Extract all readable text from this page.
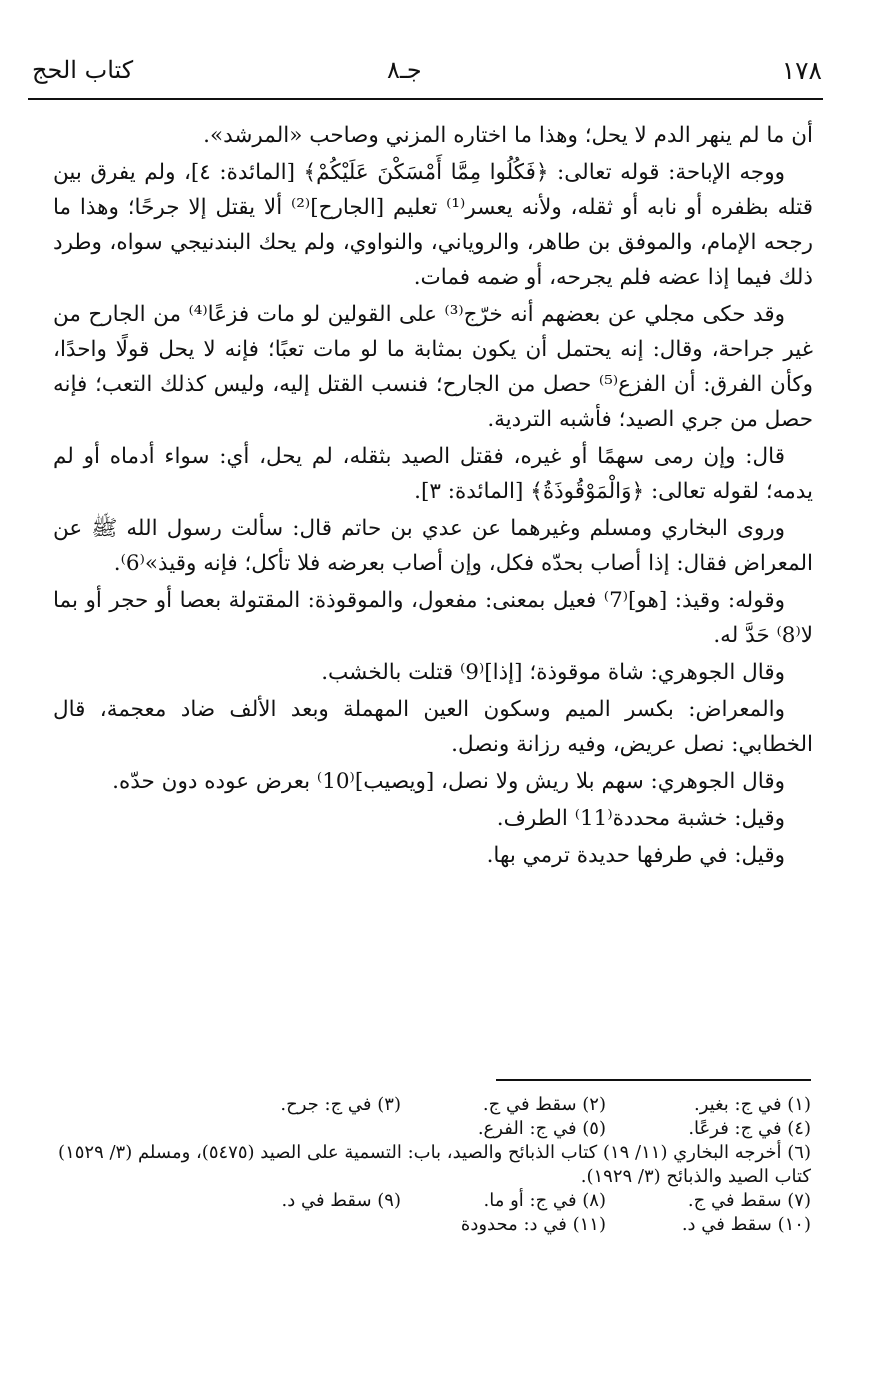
١٧٨
جـ٨
كتاب الحج

أن ما لم ينهر الدم لا يحل؛ وهذا ما اختاره المزني وصاحب «المرشد».

ووجه الإباحة: قوله تعالى: ﴿فَكُلُوا مِمَّا أَمْسَكْنَ عَلَيْكُمْ﴾ [المائدة: ٤]، ولم يفرق بين قتله بظفره أو نابه أو ثقله، ولأنه يعسر⁽¹⁾ تعليم [الجارح]⁽²⁾ ألا يقتل إلا جرحًا؛ وهذا ما رجحه الإمام، والموفق بن طاهر، والروياني، والنواوي، ولم يحك البندنيجي سواه، وطرد ذلك فيما إذا عضه فلم يجرحه، أو ضمه فمات.

وقد حكى مجلي عن بعضهم أنه خرّج⁽³⁾ على القولين لو مات فزعًا⁽⁴⁾ من الجارح من غير جراحة، وقال: إنه يحتمل أن يكون بمثابة ما لو مات تعبًا؛ فإنه لا يحل قولًا واحدًا، وكأن الفرق: أن الفزع⁽⁵⁾ حصل من الجارح؛ فنسب القتل إليه، وليس كذلك التعب؛ فإنه حصل من جري الصيد؛ فأشبه التردية.

قال: وإن رمى سهمًا أو غيره، فقتل الصيد بثقله، لم يحل، أي: سواء أدماه أو لم يدمه؛ لقوله تعالى: ﴿وَالْمَوْقُوذَةُ﴾ [المائدة: ٣].

وروى البخاري ومسلم وغيرهما عن عدي بن حاتم قال: سألت رسول الله ﷺ عن المعراض فقال: إذا أصاب بحدّه فكل، وإن أصاب بعرضه فلا تأكل؛ فإنه وقيذ»⁽6⁾.

وقوله: وقيذ: [هو]⁽7⁾ فعيل بمعنى: مفعول، والموقوذة: المقتولة بعصا أو حجر أو بما لا⁽8⁾ حَدَّ له.

وقال الجوهري: شاة موقوذة؛ [إذا]⁽9⁾ قتلت بالخشب.

والمعراض: بكسر الميم وسكون العين المهملة وبعد الألف ضاد معجمة، قال الخطابي: نصل عريض، وفيه رزانة ونصل.

وقال الجوهري: سهم بلا ريش ولا نصل، [ويصيب]⁽10⁾ بعرض عوده دون حدّه.

وقيل: خشبة محددة⁽11⁾ الطرف.

وقيل: في طرفها حديدة ترمي بها.

(١) في ج: بغير.
(٢) سقط في ج.
(٣) في ج: جرح.
(٤) في ج: فرعًا.
(٥) في ج: الفرع.
(٦) أخرجه البخاري (١١/ ١٩) كتاب الذبائح والصيد، باب: التسمية على الصيد (٥٤٧٥)، ومسلم (٣/ ١٥٢٩) كتاب الصيد والذبائح (٣/ ١٩٢٩).
(٧) سقط في ج.
(٨) في ج: أو ما.
(٩) سقط في د.
(١٠) سقط في د.
(١١) في د: محدودة
